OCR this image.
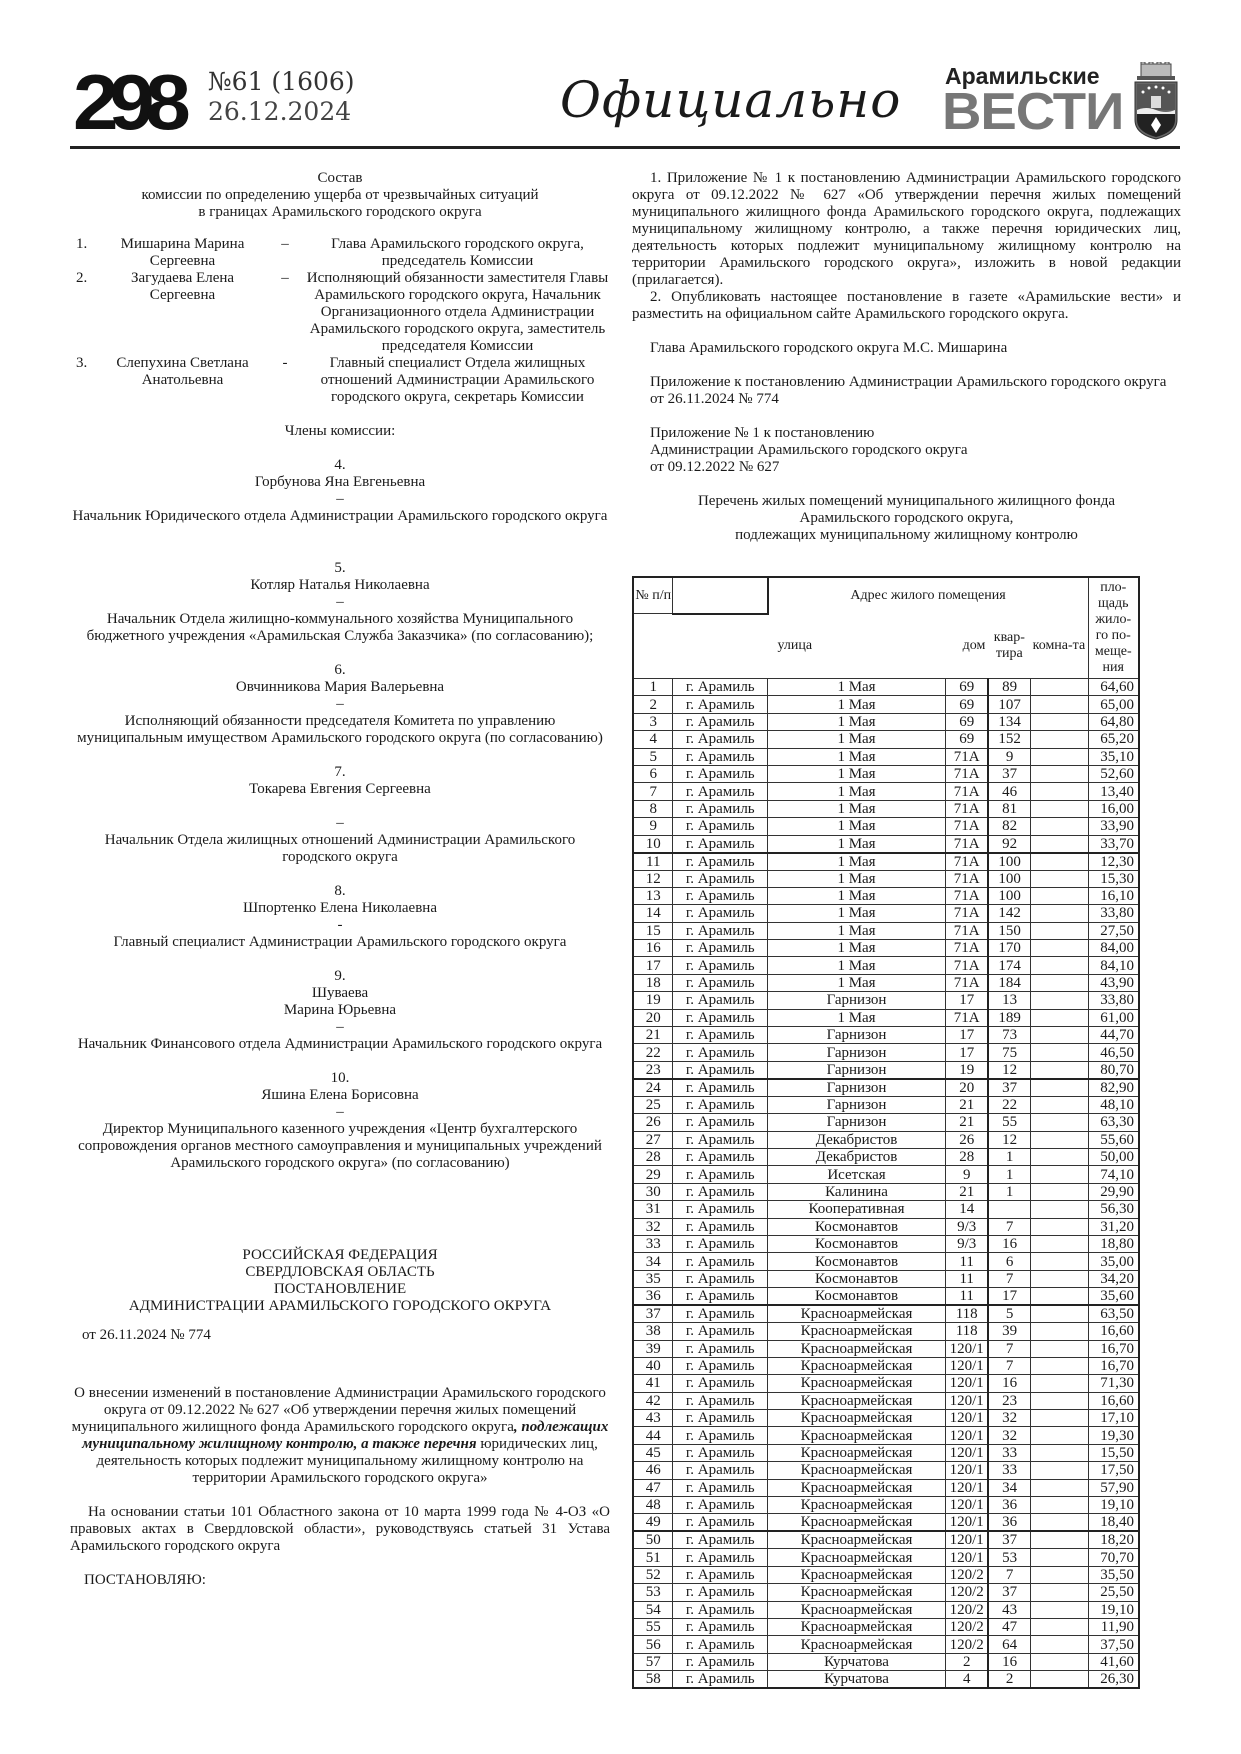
298 №61 (1606)
26.12.2024	Официально Арамильские
ВЕСТИ
Состав
комиссии по определению ущерба от чрезвычайных ситуаций
в границах Арамильского городского округа
1.	Мишарина Марина Сергеевна	–	Глава Арамильского городского округа, председатель Комиссии
2.	Загудаева Елена Сергеевна	–	Исполняющий обязанности заместителя Главы Арамильского городского округа, Начальник Организационного отдела Администрации Арамильского городского округа, заместитель председателя Комиссии
3.	Слепухина Светлана Анатольевна	-	Главный специалист Отдела жилищных отношений Администрации Арамильского городского округа, секретарь Комиссии
Члены комиссии:
4.
Горбунова Яна Евгеньевна
–
Начальник Юридического отдела Администрации Арамильского городского округа
5.
Котляр Наталья Николаевна
–
Начальник Отдела жилищно-коммунального хозяйства Муниципального бюджетного учреждения «Арамильская Служба Заказчика» (по согласованию);
6.
Овчинникова Мария Валерьевна
–
Исполняющий обязанности председателя Комитета по управлению муниципальным имуществом Арамильского городского округа (по согласованию)
7.
Токарева Евгения Сергеевна
–
Начальник Отдела жилищных отношений Администрации Арамильского городского округа
8.
Шпортенко Елена Николаевна
-
Главный специалист Администрации Арамильского городского округа
9.
Шуваева
Марина Юрьевна
–
Начальник Финансового отдела Администрации Арамильского городского округа
10.
Яшина Елена Борисовна
–
Директор Муниципального казенного учреждения «Центр бухгалтерского сопровождения органов местного самоуправления и муниципальных учреждений Арамильского городского округа» (по согласованию)
РОССИЙСКАЯ ФЕДЕРАЦИЯ
СВЕРДЛОВСКАЯ ОБЛАСТЬ
ПОСТАНОВЛЕНИЕ
АДМИНИСТРАЦИИ АРАМИЛЬСКОГО ГОРОДСКОГО ОКРУГА
от 26.11.2024 № 774
О внесении изменений в постановление Администрации Арамильского городского округа от 09.12.2022 № 627 «Об утверждении перечня жилых помещений муниципального жилищного фонда Арамильского городского округа, подлежащих муниципальному жилищному контролю, а также перечня юридических лиц, деятельность которых подлежит муниципальному жилищному контролю на территории Арамильского городского округа»
На основании статьи 101 Областного закона от 10 марта 1999 года № 4-ОЗ «О правовых актах в Свердловской области», руководствуясь статьей 31 Устава Арамильского городского округа
ПОСТАНОВЛЯЮ:
1. Приложение № 1 к постановлению Администрации Арамильского городского округа от 09.12.2022 № 627 «Об утверждении перечня жилых помещений муниципального жилищного фонда Арамильского городского округа, подлежащих муниципальному жилищному контролю, а также перечня юридических лиц, деятельность которых подлежит муниципальному жилищному контролю на территории Арамильского городского округа», изложить в новой редакции (прилагается).
2. Опубликовать настоящее постановление в газете «Арамильские вести» и разместить на официальном сайте Арамильского городского округа.
Глава Арамильского городского округа М.С. Мишарина
Приложение к постановлению Администрации Арамильского городского округа
от 26.11.2024 № 774
Приложение № 1 к постановлению
Администрации Арамильского городского округа
от 09.12.2022 № 627
Перечень жилых помещений муниципального жилищного фонда Арамильского городского округа,
подлежащих муниципальному жилищному контролю
№ п/п		Адрес жилого помещения				пло-щадь жило-го по-меще-ния
		улица	дом	квар-тира	комна-та	
1	г. Арамиль	1 Мая	69	89		64,60
2	г. Арамиль	1 Мая	69	107		65,00
3	г. Арамиль	1 Мая	69	134		64,80
4	г. Арамиль	1 Мая	69	152		65,20
5	г. Арамиль	1 Мая	71А	9		35,10
6	г. Арамиль	1 Мая	71А	37		52,60
7	г. Арамиль	1 Мая	71А	46		13,40
8	г. Арамиль	1 Мая	71А	81		16,00
9	г. Арамиль	1 Мая	71А	82		33,90
10	г. Арамиль	1 Мая	71А	92		33,70
11	г. Арамиль	1 Мая	71А	100		12,30
12	г. Арамиль	1 Мая	71А	100		15,30
13	г. Арамиль	1 Мая	71А	100		16,10
14	г. Арамиль	1 Мая	71А	142		33,80
15	г. Арамиль	1 Мая	71А	150		27,50
16	г. Арамиль	1 Мая	71А	170		84,00
17	г. Арамиль	1 Мая	71А	174		84,10
18	г. Арамиль	1 Мая	71А	184		43,90
19	г. Арамиль	Гарнизон	17	13		33,80
20	г. Арамиль	1 Мая	71А	189		61,00
21	г. Арамиль	Гарнизон	17	73		44,70
22	г. Арамиль	Гарнизон	17	75		46,50
23	г. Арамиль	Гарнизон	19	12		80,70
24	г. Арамиль	Гарнизон	20	37		82,90
25	г. Арамиль	Гарнизон	21	22		48,10
26	г. Арамиль	Гарнизон	21	55		63,30
27	г. Арамиль	Декабристов	26	12		55,60
28	г. Арамиль	Декабристов	28	1		50,00
29	г. Арамиль	Исетская	9	1		74,10
30	г. Арамиль	Калинина	21	1		29,90
31	г. Арамиль	Кооперативная	14			56,30
32	г. Арамиль	Космонавтов	9/3	7		31,20
33	г. Арамиль	Космонавтов	9/3	16		18,80
34	г. Арамиль	Космонавтов	11	6		35,00
35	г. Арамиль	Космонавтов	11	7		34,20
36	г. Арамиль	Космонавтов	11	17		35,60
37	г. Арамиль	Красноармейская	118	5		63,50
38	г. Арамиль	Красноармейская	118	39		16,60
39	г. Арамиль	Красноармейская	120/1	7		16,70
40	г. Арамиль	Красноармейская	120/1	7		16,70
41	г. Арамиль	Красноармейская	120/1	16		71,30
42	г. Арамиль	Красноармейская	120/1	23		16,60
43	г. Арамиль	Красноармейская	120/1	32		17,10
44	г. Арамиль	Красноармейская	120/1	32		19,30
45	г. Арамиль	Красноармейская	120/1	33		15,50
46	г. Арамиль	Красноармейская	120/1	33		17,50
47	г. Арамиль	Красноармейская	120/1	34		57,90
48	г. Арамиль	Красноармейская	120/1	36		19,10
49	г. Арамиль	Красноармейская	120/1	36		18,40
50	г. Арамиль	Красноармейская	120/1	37		18,20
51	г. Арамиль	Красноармейская	120/1	53		70,70
52	г. Арамиль	Красноармейская	120/2	7		35,50
53	г. Арамиль	Красноармейская	120/2	37		25,50
54	г. Арамиль	Красноармейская	120/2	43		19,10
55	г. Арамиль	Красноармейская	120/2	47		11,90
56	г. Арамиль	Красноармейская	120/2	64		37,50
57	г. Арамиль	Курчатова	2	16		41,60
58	г. Арамиль	Курчатова	4	2		26,30
